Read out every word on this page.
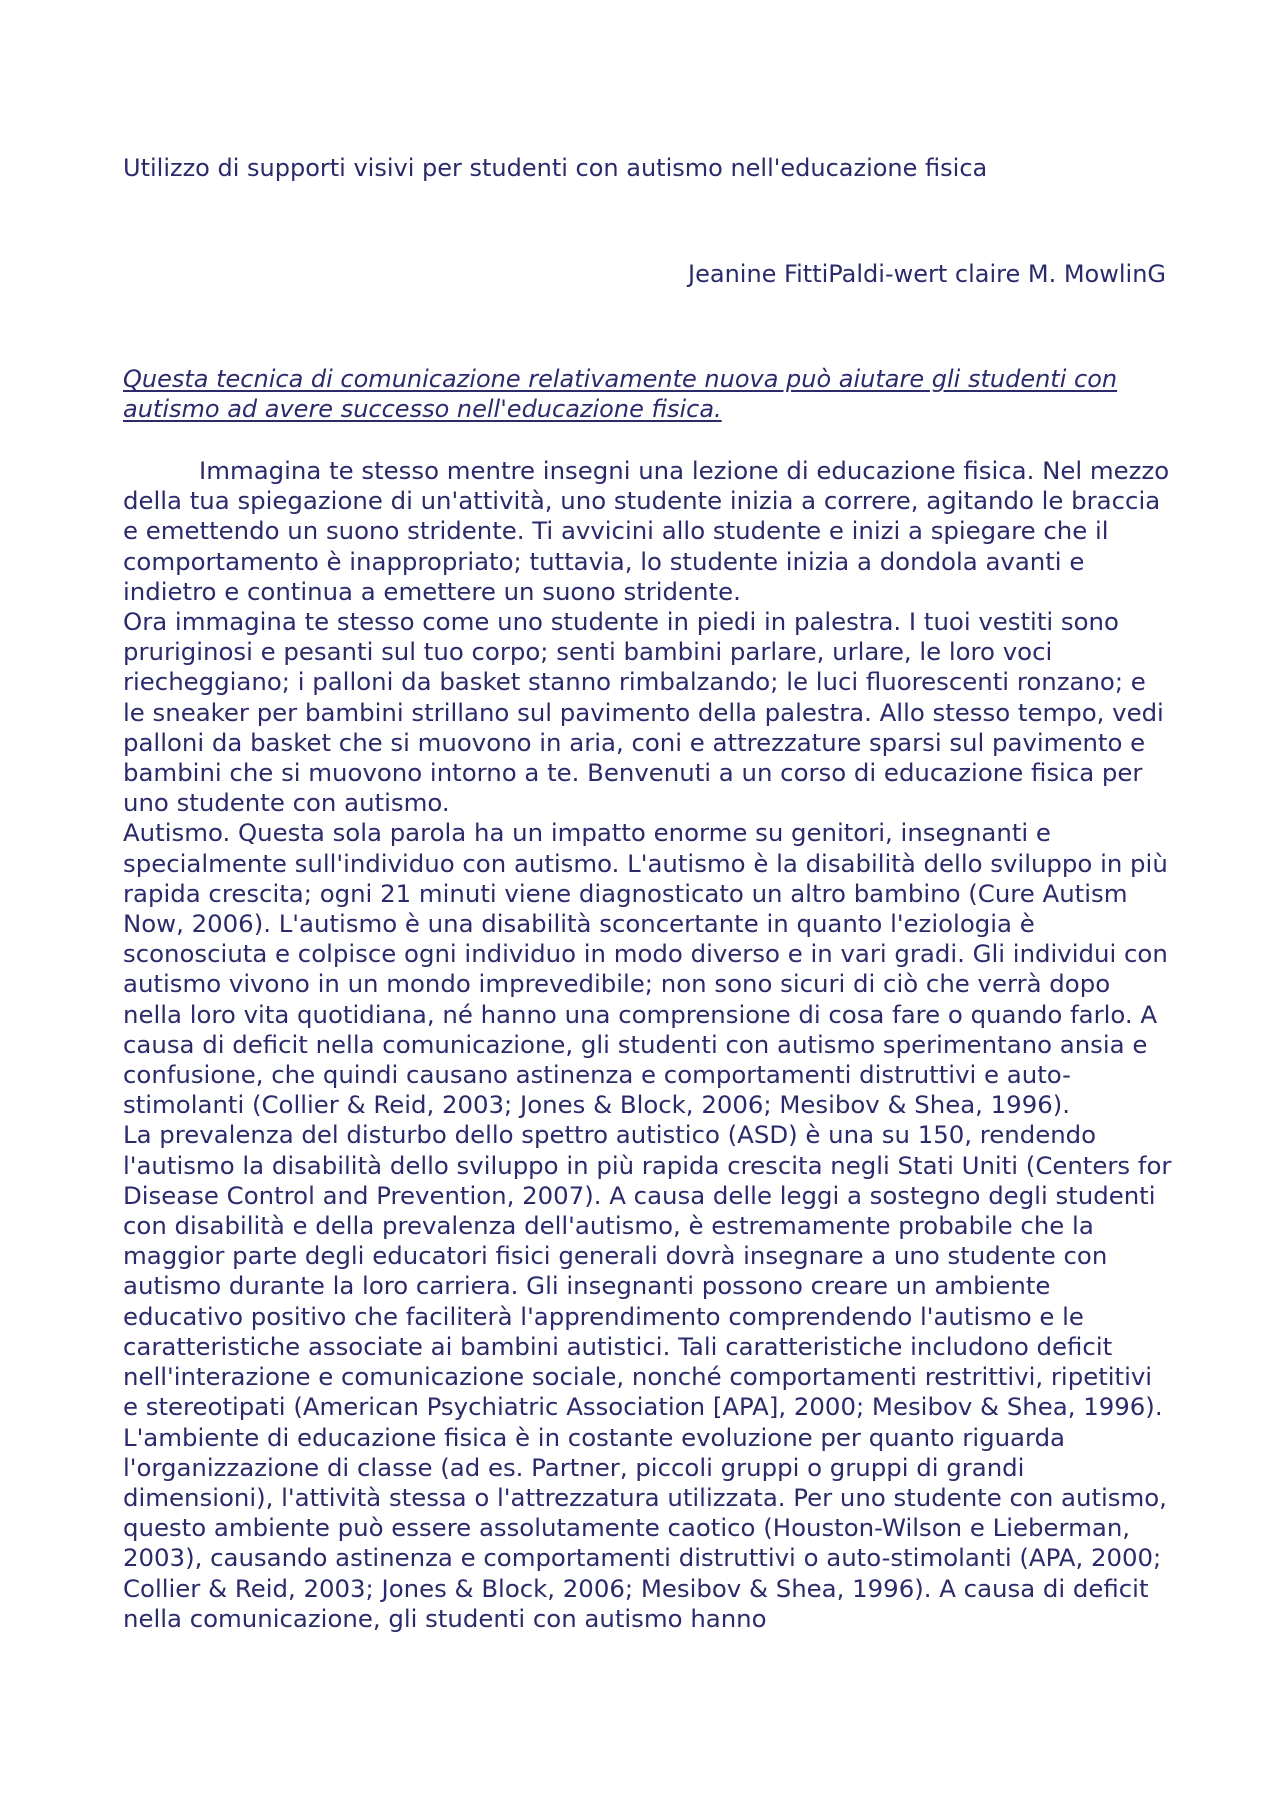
Utilizzo di supporti visivi per studenti con autismo nell'educazione fisica
Jeanine FittiPaldi-wert claire M. MowlinG
Questa tecnica di comunicazione relativamente nuova può aiutare gli studenti con autismo ad avere successo nell'educazione fisica.

Immagina te stesso mentre insegni una lezione di educazione fisica. Nel mezzo della tua spiegazione di un'attività, uno studente inizia a correre, agitando le braccia e emettendo un suono stridente. Ti avvicini allo studente e inizi a spiegare che il comportamento è inappropriato; tuttavia, lo studente inizia a dondola avanti e indietro e continua a emettere un suono stridente.

Ora immagina te stesso come uno studente in piedi in palestra. I tuoi vestiti sono pruriginosi e pesanti sul tuo corpo; senti bambini parlare, urlare, le loro voci riecheggiano; i palloni da basket stanno rimbalzando; le luci fluorescenti ronzano; e le sneaker per bambini strillano sul pavimento della palestra. Allo stesso tempo, vedi palloni da basket che si muovono in aria, coni e attrezzature sparsi sul pavimento e bambini che si muovono intorno a te. Benvenuti a un corso di educazione fisica per uno studente con autismo.

Autismo. Questa sola parola ha un impatto enorme su genitori, insegnanti e specialmente sull'individuo con autismo. L'autismo è la disabilità dello sviluppo in più rapida crescita; ogni 21 minuti viene diagnosticato un altro bambino (Cure Autism Now, 2006). L'autismo è una disabilità sconcertante in quanto l'eziologia è sconosciuta e colpisce ogni individuo in modo diverso e in vari gradi. Gli individui con autismo vivono in un mondo imprevedibile; non sono sicuri di ciò che verrà dopo nella loro vita quotidiana, né hanno una comprensione di cosa fare o quando farlo. A causa di deficit nella comunicazione, gli studenti con autismo sperimentano ansia e confusione, che quindi causano astinenza e comportamenti distruttivi e auto-stimolanti (Collier & Reid, 2003; Jones & Block, 2006; Mesibov & Shea, 1996).

La prevalenza del disturbo dello spettro autistico (ASD) è una su 150, rendendo l'autismo la disabilità dello sviluppo in più rapida crescita negli Stati Uniti (Centers for Disease Control and Prevention, 2007). A causa delle leggi a sostegno degli studenti con disabilità e della prevalenza dell'autismo, è estremamente probabile che la maggior parte degli educatori fisici generali dovrà insegnare a uno studente con autismo durante la loro carriera. Gli insegnanti possono creare un ambiente educativo positivo che faciliterà l'apprendimento comprendendo l'autismo e le caratteristiche associate ai bambini autistici. Tali caratteristiche includono deficit nell'interazione e comunicazione sociale, nonché comportamenti restrittivi, ripetitivi e stereotipati (American Psychiatric Association [APA], 2000; Mesibov & Shea, 1996).

L'ambiente di educazione fisica è in costante evoluzione per quanto riguarda l'organizzazione di classe (ad es. Partner, piccoli gruppi o gruppi di grandi dimensioni), l'attività stessa o l'attrezzatura utilizzata. Per uno studente con autismo, questo ambiente può essere assolutamente caotico (Houston-Wilson e Lieberman, 2003), causando astinenza e comportamenti distruttivi o auto-stimolanti (APA, 2000; Collier & Reid, 2003; Jones & Block, 2006; Mesibov & Shea, 1996). A causa di deficit nella comunicazione, gli studenti con autismo hanno
